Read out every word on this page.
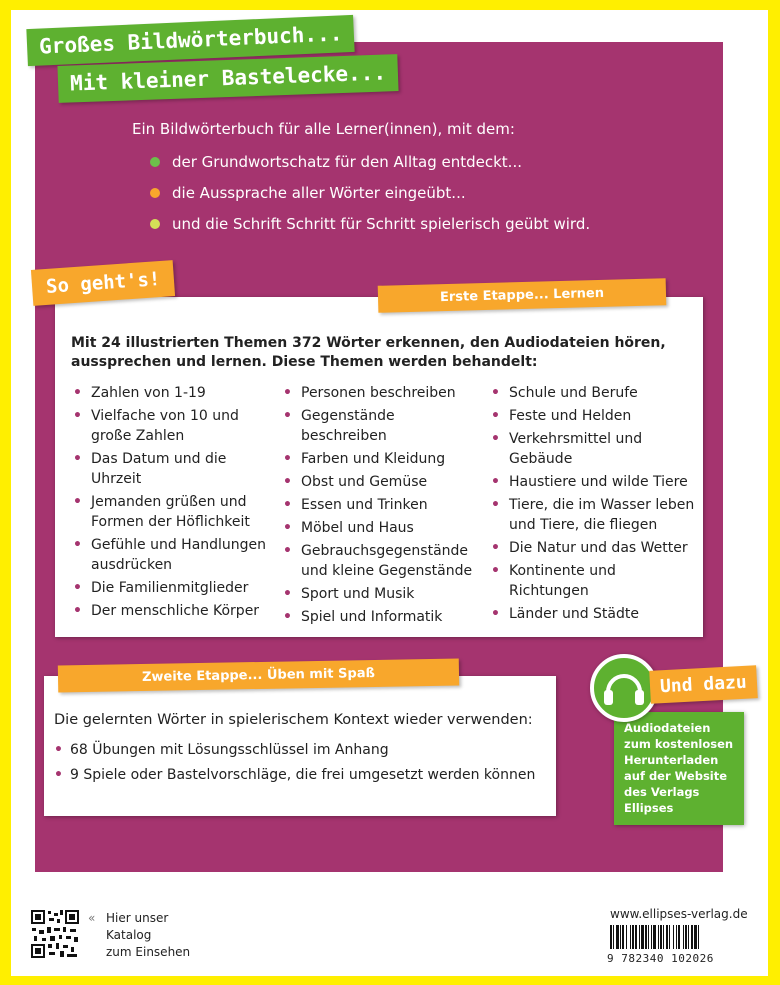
Großes Bildwörterbuch...
Mit kleiner Bastelecke...
Ein Bildwörterbuch für alle Lerner(innen), mit dem:
der Grundwortschatz für den Alltag entdeckt...
die Aussprache aller Wörter eingeübt...
und die Schrift Schritt für Schritt spielerisch geübt wird.
Mit 24 illustrierten Themen 372 Wörter erkennen, den Audiodateien hören, aussprechen und lernen. Diese Themen werden behandelt:
• Zahlen von 1-19
• Vielfache von 10 und große Zahlen
• Das Datum und die Uhrzeit
• Jemanden grüßen und Formen der Höflichkeit
• Gefühle und Handlungen ausdrücken
• Die Familienmitglieder
• Der menschliche Körper
• Personen beschreiben
• Gegenstände beschreiben
• Farben und Kleidung
• Obst und Gemüse
• Essen und Trinken
• Möbel und Haus
• Gebrauchsgegenstände und kleine Gegenstände
• Sport und Musik
• Spiel und Informatik
• Schule und Berufe
• Feste und Helden
• Verkehrsmittel und Gebäude
• Haustiere und wilde Tiere
• Tiere, die im Wasser leben und Tiere, die fliegen
• Die Natur und das Wetter
• Kontinente und Richtungen
• Länder und Städte
So geht's!	Erste Etappe... Lernen
Die gelernten Wörter in spielerischem Kontext wieder verwenden:
• 68 Übungen mit Lösungsschlüssel im Anhang
• 9 Spiele oder Bastelvorschläge, die frei umgesetzt werden können
Zweite Etappe... Üben mit Spaß
Audiodateien zum kostenlosen Herunterladen auf der Website des Verlags Ellipses
Und dazu
« Hier unser
Katalog
zum Einsehen
www.ellipses-verlag.de
9 782340 102026
